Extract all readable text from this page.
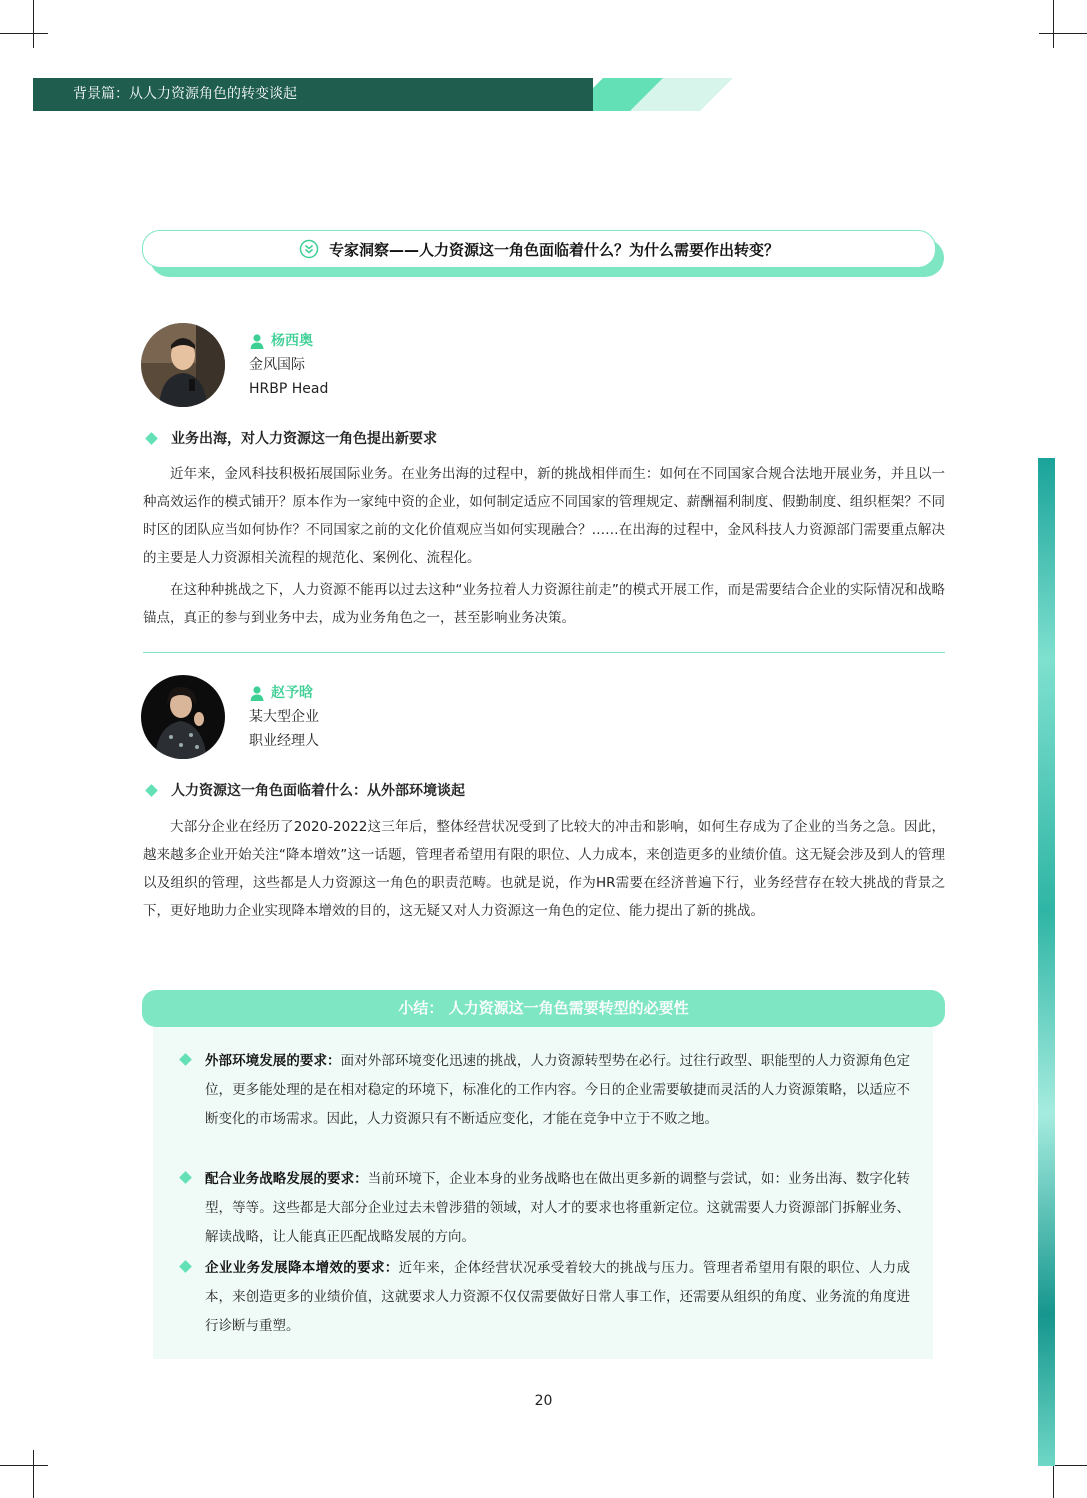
背景篇：从人力资源角色的转变谈起
专家洞察——人力资源这一角色面临着什么？为什么需要作出转变？
杨西奥
金风国际
HRBP Head
业务出海，对人力资源这一角色提出新要求

近年来，金风科技积极拓展国际业务。在业务出海的过程中，新的挑战相伴而生：如何在不同国家合规合法地开展业务，并且以一种高效运作的模式铺开？原本作为一家纯中资的企业，如何制定适应不同国家的管理规定、薪酬福利制度、假勤制度、组织框架？不同时区的团队应当如何协作？不同国家之前的文化价值观应当如何实现融合？……在出海的过程中，金风科技人力资源部门需要重点解决的主要是人力资源相关流程的规范化、案例化、流程化。

在这种种挑战之下，人力资源不能再以过去这种“业务拉着人力资源往前走”的模式开展工作，而是需要结合企业的实际情况和战略锚点，真正的参与到业务中去，成为业务角色之一，甚至影响业务决策。

赵予晗
某大型企业
职业经理人
人力资源这一角色面临着什么：从外部环境谈起

大部分企业在经历了2020-2022这三年后，整体经营状况受到了比较大的冲击和影响，如何生存成为了企业的当务之急。因此，越来越多企业开始关注“降本增效”这一话题，管理者希望用有限的职位、人力成本，来创造更多的业绩价值。这无疑会涉及到人的管理以及组织的管理，这些都是人力资源这一角色的职责范畴。也就是说，作为HR需要在经济普遍下行，业务经营存在较大挑战的背景之下，更好地助力企业实现降本增效的目的，这无疑又对人力资源这一角色的定位、能力提出了新的挑战。

小结： 人力资源这一角色需要转型的必要性

外部环境发展的要求：面对外部环境变化迅速的挑战，人力资源转型势在必行。过往行政型、职能型的人力资源角色定位，更多能处理的是在相对稳定的环境下，标准化的工作内容。今日的企业需要敏捷而灵活的人力资源策略，以适应不断变化的市场需求。因此，人力资源只有不断适应变化，才能在竞争中立于不败之地。

配合业务战略发展的要求：当前环境下，企业本身的业务战略也在做出更多新的调整与尝试，如：业务出海、数字化转型，等等。这些都是大部分企业过去未曾涉猎的领域，对人才的要求也将重新定位。这就需要人力资源部门拆解业务、解读战略，让人能真正匹配战略发展的方向。

企业业务发展降本增效的要求：近年来，企体经营状况承受着较大的挑战与压力。管理者希望用有限的职位、人力成本，来创造更多的业绩价值，这就要求人力资源不仅仅需要做好日常人事工作，还需要从组织的角度、业务流的角度进行诊断与重塑。

20
